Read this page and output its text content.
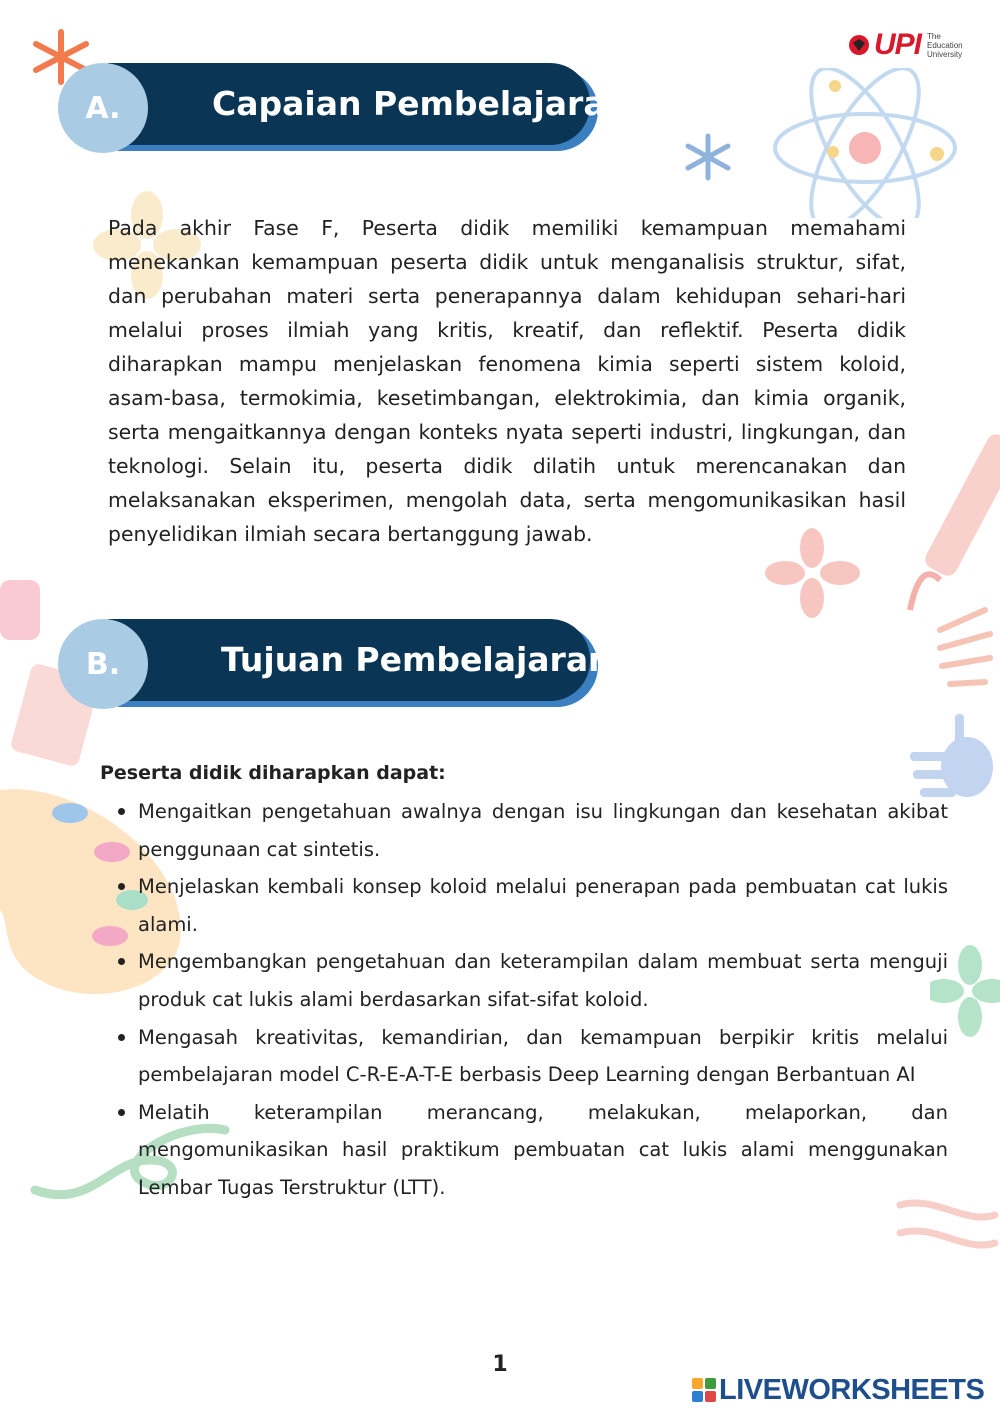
UPI The
Education
University
Capaian Pembelajaran
A.

Pada akhir Fase F, Peserta didik memiliki kemampuan memahami menekankan kemampuan peserta didik untuk menganalisis struktur, sifat, dan perubahan materi serta penerapannya dalam kehidupan sehari-hari melalui proses ilmiah yang kritis, kreatif, dan reflektif. Peserta didik diharapkan mampu menjelaskan fenomena kimia seperti sistem koloid, asam-basa, termokimia, kesetimbangan, elektrokimia, dan kimia organik, serta mengaitkannya dengan konteks nyata seperti industri, lingkungan, dan teknologi. Selain itu, peserta didik dilatih untuk merencanakan dan melaksanakan eksperimen, mengolah data, serta mengomunikasikan hasil penyelidikan ilmiah secara bertanggung jawab.

Tujuan Pembelajaran
B.
Peserta didik diharapkan dapat:
Mengaitkan pengetahuan awalnya dengan isu lingkungan dan kesehatan akibat penggunaan cat sintetis.
Menjelaskan kembali konsep koloid melalui penerapan pada pembuatan cat lukis alami.
Mengembangkan pengetahuan dan keterampilan dalam membuat serta menguji produk cat lukis alami berdasarkan sifat-sifat koloid.
Mengasah kreativitas, kemandirian, dan kemampuan berpikir kritis melalui pembelajaran model C-R-E-A-T-E berbasis Deep Learning dengan Berbantuan AI
Melatih keterampilan merancang, melakukan, melaporkan, dan mengomunikasikan hasil praktikum pembuatan cat lukis alami menggunakan Lembar Tugas Terstruktur (LTT).
1
LIVEWORKSHEETS
